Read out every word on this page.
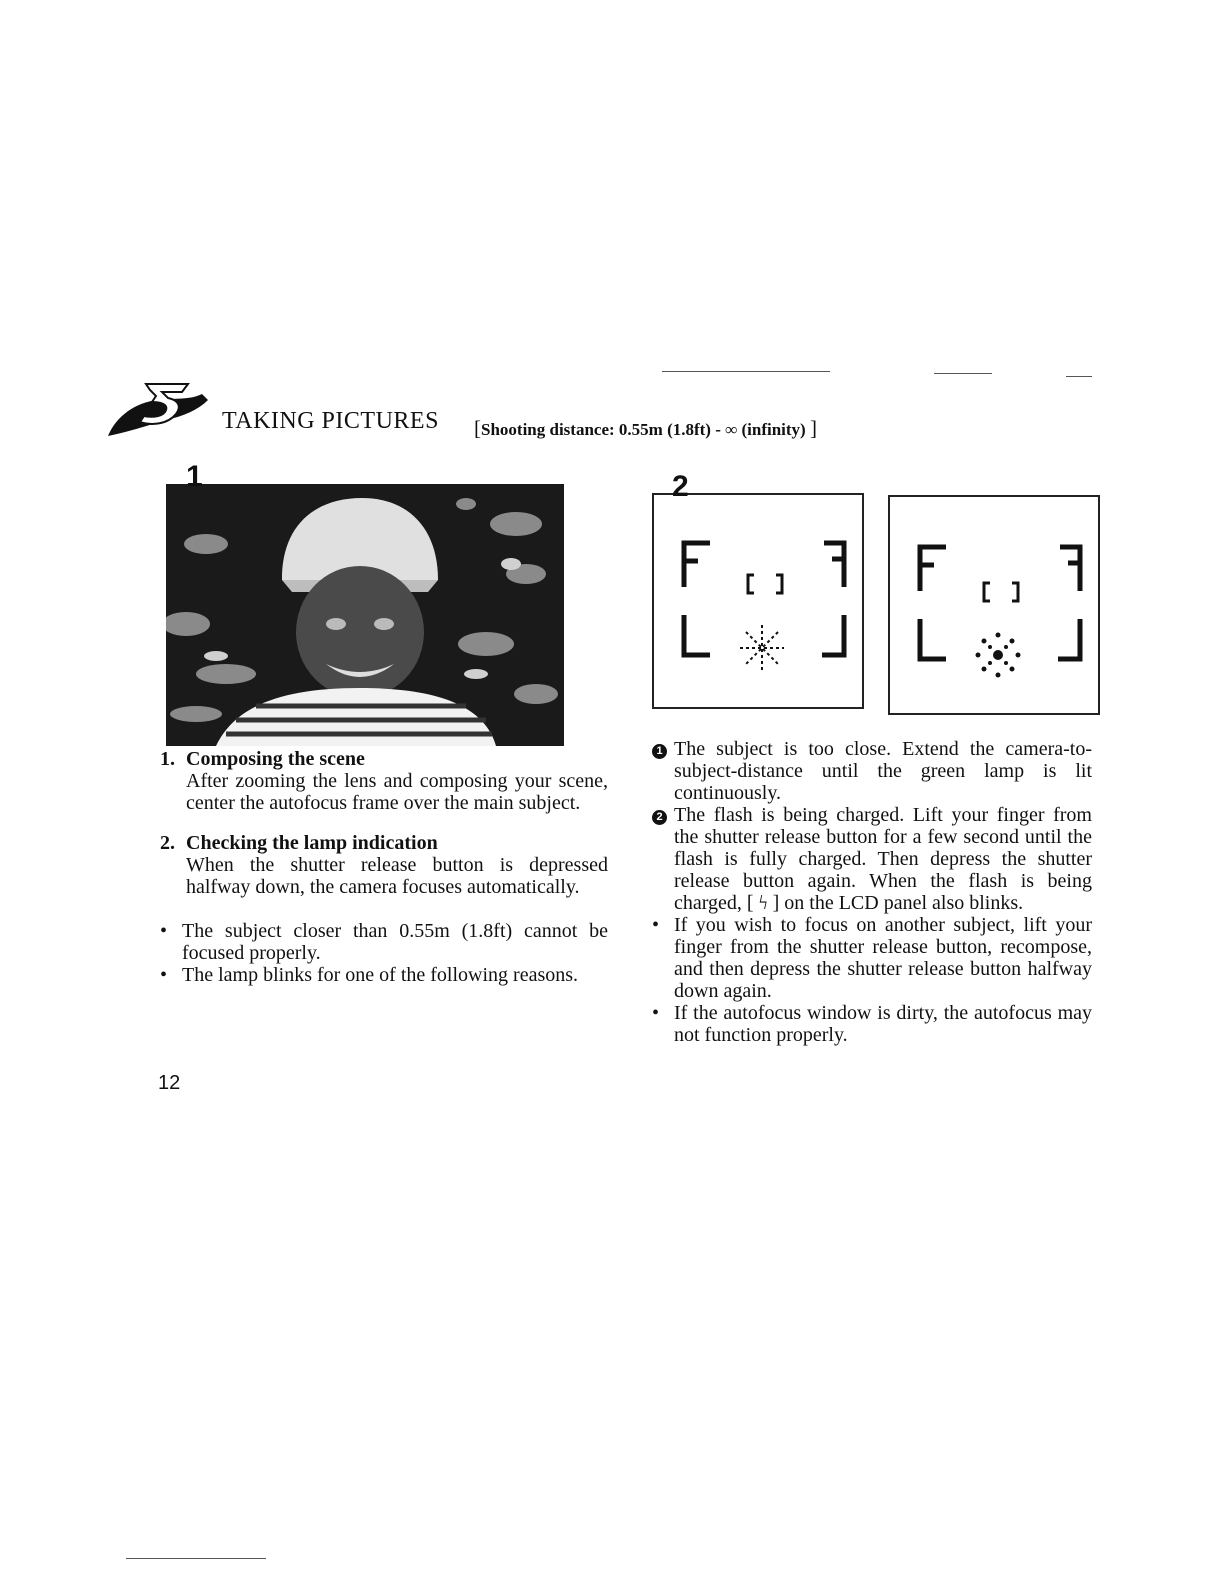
TAKING PICTURES [Shooting distance: 0.55m (1.8ft) - ∞ (infinity) ]
1	2
1. Composing the scene
After zooming the lens and composing your scene, center the autofocus frame over the main subject.
2. Checking the lamp indication
When the shutter release button is depressed halfway down, the camera focuses automatically.
• The subject closer than 0.55m (1.8ft) cannot be focused properly.
• The lamp blinks for one of the following reasons.
1 The subject is too close. Extend the camera-to-subject-distance until the green lamp is lit continuously.
2 The flash is being charged. Lift your finger from the shutter release button for a few second until the flash is fully charged. Then depress the shutter release button again. When the flash is being charged, [ ϟ ] on the LCD panel also blinks.
• If you wish to focus on another subject, lift your finger from the shutter release button, recompose, and then depress the shutter release button halfway down again.
• If the autofocus window is dirty, the autofocus may not function properly.
12
